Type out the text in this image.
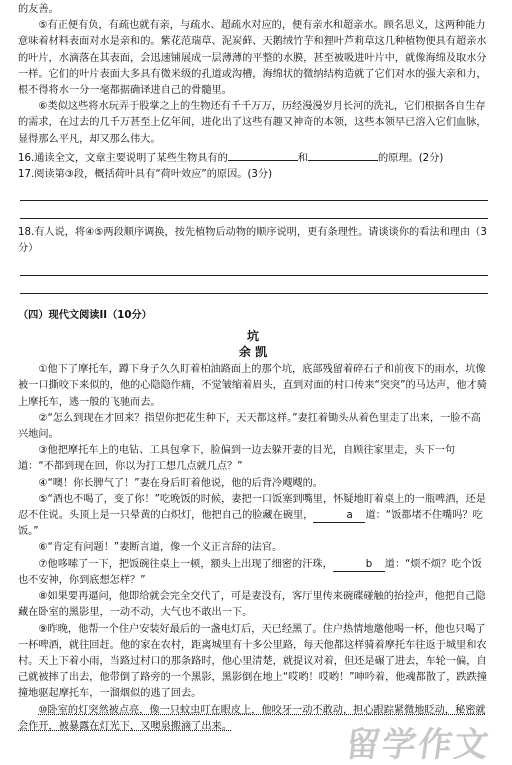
的友善。

⑤有正便有负，有疏也就有亲，与疏水、超疏水对应的，便有亲水和超亲水。顾名思义，这两种能力意味着材料表面对水是亲和的。紫花范瑞草、泥炭藓、天鹅绒竹芋和狸叶芦莉草这几种植物便具有超亲水的叶片，水滴落在其表面，会迅速铺展成一层薄薄的平整的水膜，甚至被吸进叶片中，就像海绵及取水分一样。它们的叶片表面大多具有微米级的孔道或沟槽，海绵状的微纳结构造就了它们对水的强大亲和力，根不得将水一分一毫都据确译进自己的骨髓里。

⑥类似这些将水玩弄于股掌之上的生物还有千千万万，历经漫漫岁月长河的洗礼，它们根据各自生存的需求，在过去的几千万甚至上亿年间，进化出了这些有趣又神奇的本领，这些本领早已溶入它们血脉，显得那么平凡，却又那么伟大。

16.通读全文，文章主要说明了某些生物具有的	和	的原理。(2分)

17.阅读第③段，概括荷叶具有“荷叶效应”的原因。(3分)

18.有人说，将④⑤两段顺序调换，按先植物后动物的顺序说明，更有条理性。请谈谈你的看法和理由（3分）

（四）现代文阅读II（10分）

坑

余 凯

①他下了摩托车，蹲下身子久久盯着柏油路面上的那个坑，底部残留着碎石子和前夜下的雨水，坑像被一口撕咬下来似的，他的心隐隐作痛，不觉皱缩着眉头，直到对面的村口传来“突突”的马达声，他才骑上摩托车，逃一般的飞驰而去。

②“怎么到现在才回来？指望你把花生种下，天天都这样。”妻扛着锄头从着色里走了出来，一脸不高兴地问。

③他把摩托车上的电钻、工具包拿下，脸偏到一边去躲开妻的目光，自顾往家里走，头下一句道：“不都到现在回，你以为打工想几点就几点？”

④“噢！你长脾气了！”妻在身后盯着他说，他的后背冷飕飕的。

⑤“酒也不喝了，变了你！”吃晚饭的时候，妻把一口饭塞到嘴里，怀疑地盯着桌上的一瓶啤酒，还是忍不住说。头顶上是一只晕黄的白炽灯，他把自己的脸藏在碗里，	a 道：“饭都堵不住嘴吗？吃饭。”

⑥“肯定有问题！”妻断言道，像一个义正言辞的法官。

⑦他哆嗦了一下，把饭碗往桌上一顿，额头上出现了细密的汗珠，	b 道：“烦不烦？吃个饭也不安神，你到底想怎样？”

⑧如果要再逼问，他即给就会完全交代了，可是妻没有，客厅里传来碗碟碰触的抬捡声，他把自己隐藏在卧室的黑影里，一动不动，大气也不敢出一下。

⑨昨晚，他帮一个住户安装好最后的一盏电灯后，天已经黑了。住户热情地邀他喝一杯，他也只喝了一杯啤酒，就往回赶。他的家在农村，距离城里有十多公里路，每天他都这样骑着摩托车往返于城里和农村。天上下着小雨，当路过村口的那条路时，他心里清楚，就提议对着，但还是碾了进去，车轮一偏，自己就被摔了出去，他带倒了路旁的一个黑影，黑影倒在地上“哎哟！哎哟！”呻吟着，他魂都散了，跌跌撞撞地驱起摩托车，一溜烟似的逃了回去。

⑩卧室的灯突然被点亮，像一只蚊虫叮在眼皮上，他咬牙一动不敢动，担心跟踪紧微地眨动，秘密就会作开，被暴露在灯光下，又噢泉搬滴了出来。	留学作文
